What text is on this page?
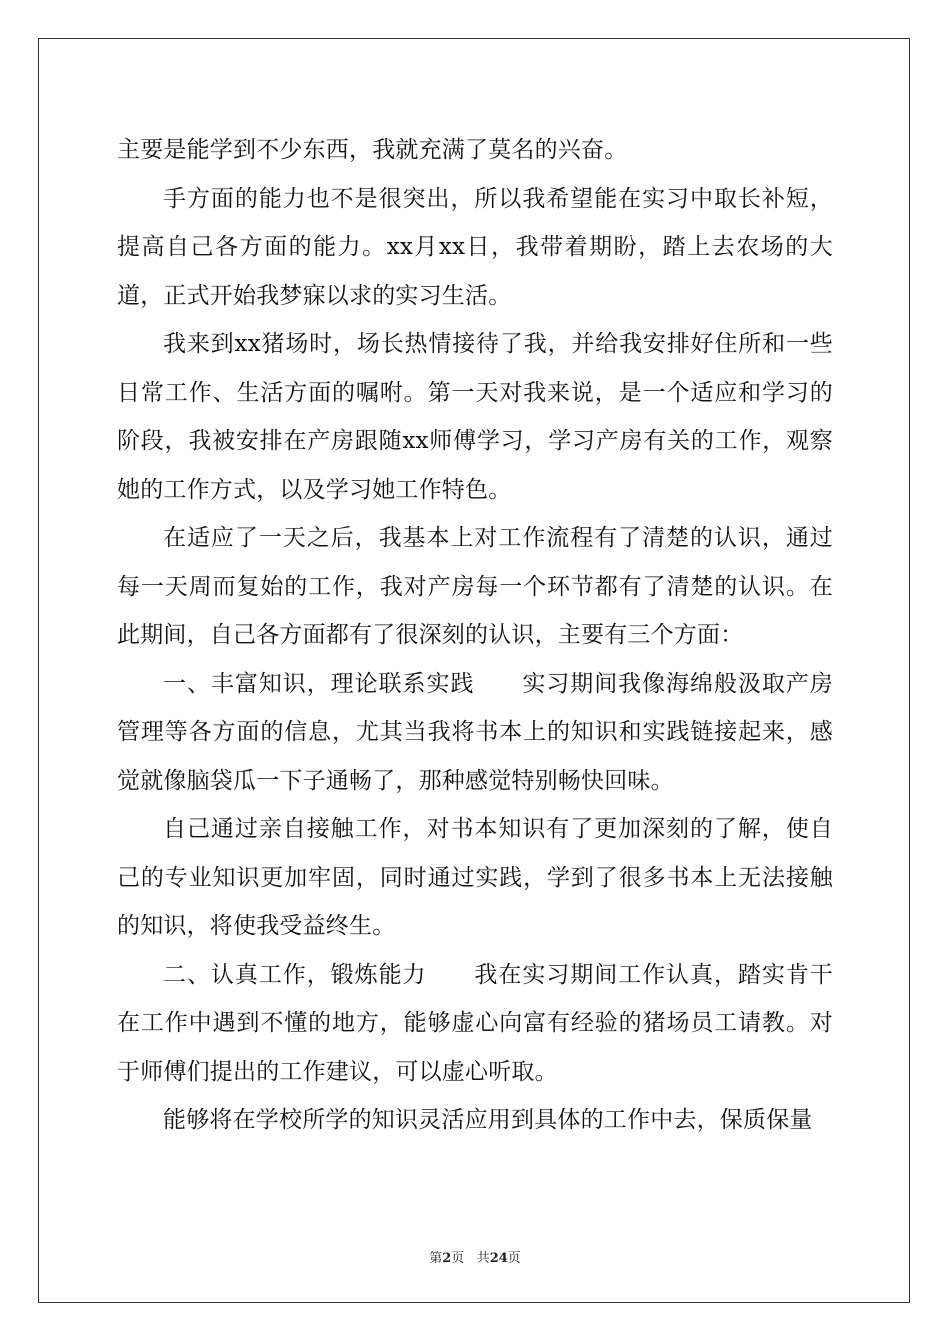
主要是能学到不少东西，我就充满了莫名的兴奋。

手方面的能力也不是很突出，所以我希望能在实习中取长补短，提高自己各方面的能力。xx月xx日，我带着期盼，踏上去农场的大道，正式开始我梦寐以求的实习生活。

我来到xx猪场时，场长热情接待了我，并给我安排好住所和一些日常工作、生活方面的嘱咐。第一天对我来说，是一个适应和学习的阶段，我被安排在产房跟随xx师傅学习，学习产房有关的工作，观察她的工作方式，以及学习她工作特色。

在适应了一天之后，我基本上对工作流程有了清楚的认识，通过每一天周而复始的工作，我对产房每一个环节都有了清楚的认识。在此期间，自己各方面都有了很深刻的认识，主要有三个方面：

一、丰富知识，理论联系实践　　实习期间我像海绵般汲取产房管理等各方面的信息，尤其当我将书本上的知识和实践链接起来，感觉就像脑袋瓜一下子通畅了，那种感觉特别畅快回味。

自己通过亲自接触工作，对书本知识有了更加深刻的了解，使自己的专业知识更加牢固，同时通过实践，学到了很多书本上无法接触的知识，将使我受益终生。

二、认真工作，锻炼能力　　我在实习期间工作认真，踏实肯干在工作中遇到不懂的地方，能够虚心向富有经验的猪场员工请教。对于师傅们提出的工作建议，可以虚心听取。

能够将在学校所学的知识灵活应用到具体的工作中去，保质保量

第2页 共24页
